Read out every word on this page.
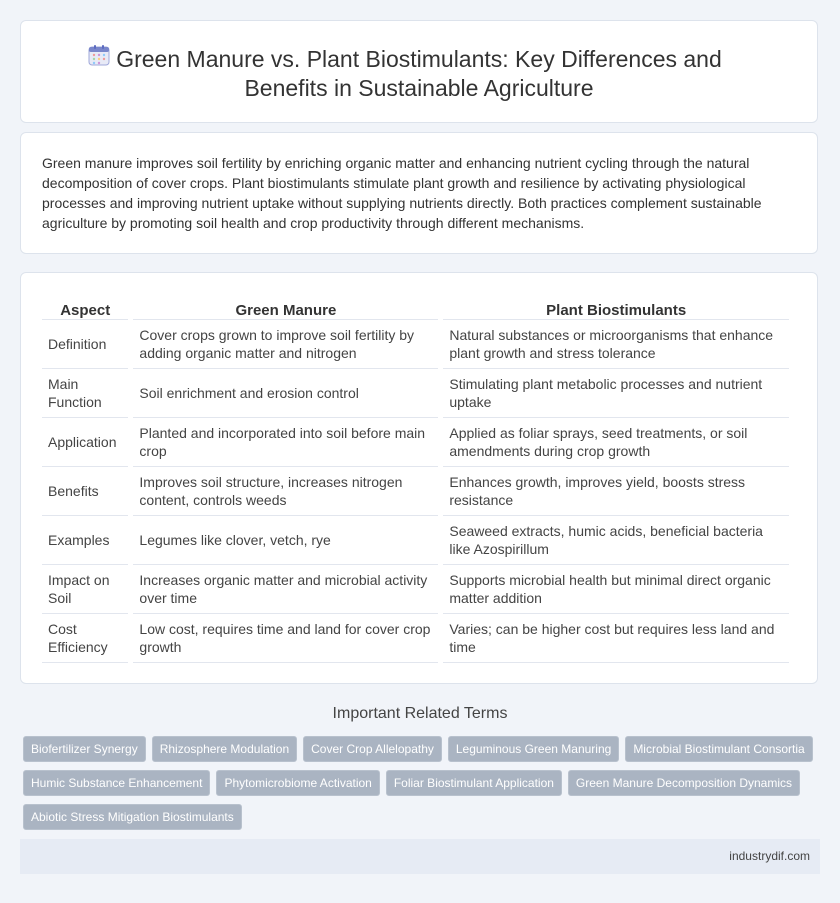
Green Manure vs. Plant Biostimulants: Key Differences and Benefits in Sustainable Agriculture

Green manure improves soil fertility by enriching organic matter and enhancing nutrient cycling through the natural decomposition of cover crops. Plant biostimulants stimulate plant growth and resilience by activating physiological processes and improving nutrient uptake without supplying nutrients directly. Both practices complement sustainable agriculture by promoting soil health and crop productivity through different mechanisms.

Aspect	Green Manure	Plant Biostimulants
Definition	Cover crops grown to improve soil fertility by adding organic matter and nitrogen	Natural substances or microorganisms that enhance plant growth and stress tolerance
Main Function	Soil enrichment and erosion control	Stimulating plant metabolic processes and nutrient uptake
Application	Planted and incorporated into soil before main crop	Applied as foliar sprays, seed treatments, or soil amendments during crop growth
Benefits	Improves soil structure, increases nitrogen content, controls weeds	Enhances growth, improves yield, boosts stress resistance
Examples	Legumes like clover, vetch, rye	Seaweed extracts, humic acids, beneficial bacteria like Azospirillum
Impact on Soil	Increases organic matter and microbial activity over time	Supports microbial health but minimal direct organic matter addition
Cost Efficiency	Low cost, requires time and land for cover crop growth	Varies; can be higher cost but requires less land and time
Important Related Terms
Biofertilizer Synergy Rhizosphere Modulation Cover Crop Allelopathy Leguminous Green Manuring Microbial Biostimulant Consortia
Humic Substance Enhancement Phytomicrobiome Activation Foliar Biostimulant Application Green Manure Decomposition Dynamics
Abiotic Stress Mitigation Biostimulants
industrydif.com
